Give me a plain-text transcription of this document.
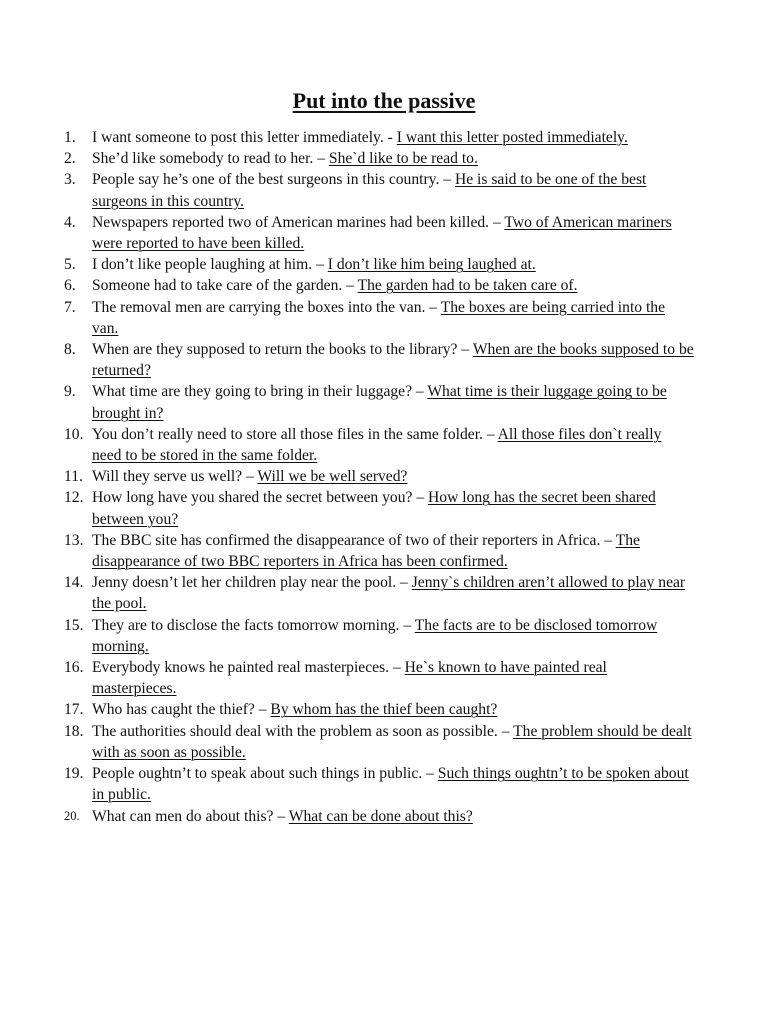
Put into the passive
1.	I want someone to post this letter immediately. - I want this letter posted immediately.
2.	She’d like somebody to read to her. – She`d like to be read to.
3.	People say he’s one of the best surgeons in this country. – He is said to be one of the best surgeons in this country.
4.	Newspapers reported two of American marines had been killed. – Two of American mariners were reported to have been killed.
5.	I don’t like people laughing at him. – I don’t like him being laughed at.
6.	Someone had to take care of the garden. – The garden had to be taken care of.
7.	The removal men are carrying the boxes into the van. – The boxes are being carried into the van.
8.	When are they supposed to return the books to the library? – When are the books supposed to be returned?
9.	What time are they going to bring in their luggage? – What time is their luggage going to be brought in?
10. You don’t really need to store all those files in the same folder. – All those files don`t really need to be stored in the same folder.
11. Will they serve us well? – Will we be well served?
12. How long have you shared the secret between you? – How long has the secret been shared between you?
13. The BBC site has confirmed the disappearance of two of their reporters in Africa. – The disappearance of two BBC reporters in Africa has been confirmed.
14. Jenny doesn’t let her children play near the pool. – Jenny`s children aren’t allowed to play near the pool.
15. They are to disclose the facts tomorrow morning. – The facts are to be disclosed tomorrow morning.
16. Everybody knows he painted real masterpieces. – He`s known to have painted real masterpieces.
17. Who has caught the thief? – By whom has the thief been caught?
18. The authorities should deal with the problem as soon as possible. – The problem should be dealt with as soon as possible.
19. People oughtn’t to speak about such things in public. – Such things oughtn’t to be spoken about in public.
20. What can men do about this? – What can be done about this?
